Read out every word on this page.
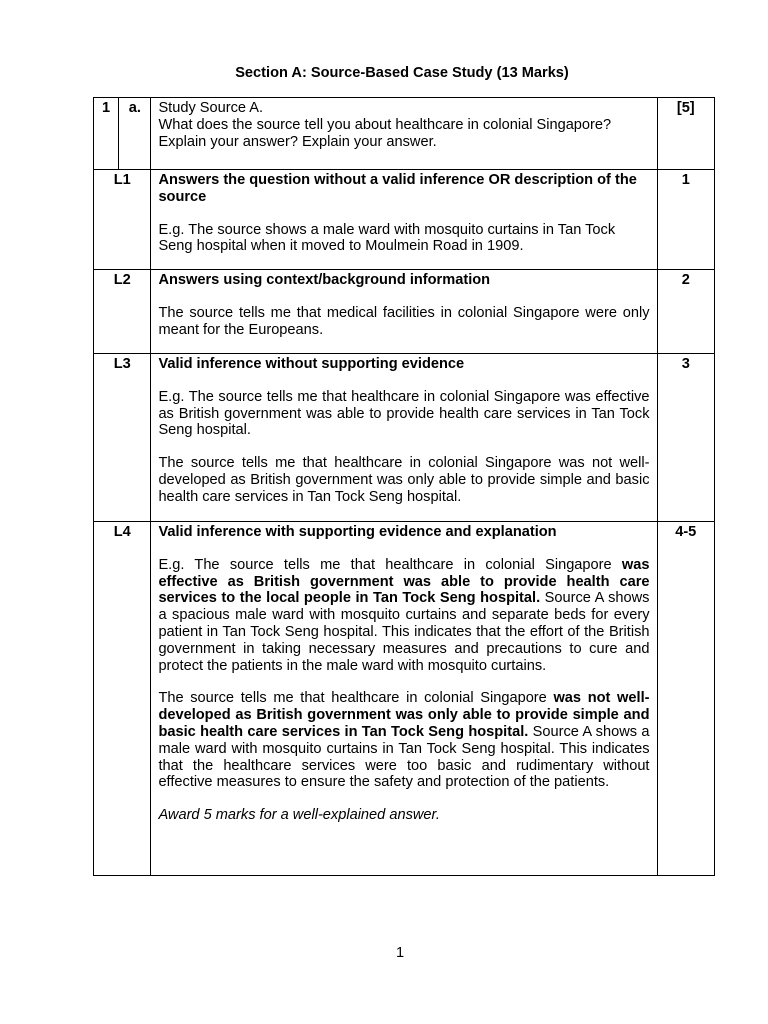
Section A: Source-Based Case Study (13 Marks)
1	a.	Study Source A.
What does the source tell you about healthcare in colonial Singapore? Explain your answer? Explain your answer.	[5]
L1		Answers the question without a valid inference OR description of the source
E.g. The source shows a male ward with mosquito curtains in Tan Tock Seng hospital when it moved to Moulmein Road in 1909.	1
L2		Answers using context/background information
The source tells me that medical facilities in colonial Singapore were only meant for the Europeans.	2
L3		Valid inference without supporting evidence
E.g. The source tells me that healthcare in colonial Singapore was effective as British government was able to provide health care services in Tan Tock Seng hospital.
The source tells me that healthcare in colonial Singapore was not well-developed as British government was only able to provide simple and basic health care services in Tan Tock Seng hospital.	3
L4		Valid inference with supporting evidence and explanation
E.g. The source tells me that healthcare in colonial Singapore was effective as British government was able to provide health care services to the local people in Tan Tock Seng hospital. Source A shows a spacious male ward with mosquito curtains and separate beds for every patient in Tan Tock Seng hospital. This indicates that the effort of the British government in taking necessary measures and precautions to cure and protect the patients in the male ward with mosquito curtains.
The source tells me that healthcare in colonial Singapore was not well-developed as British government was only able to provide simple and basic health care services in Tan Tock Seng hospital. Source A shows a male ward with mosquito curtains in Tan Tock Seng hospital. This indicates that the healthcare services were too basic and rudimentary without effective measures to ensure the safety and protection of the patients.
Award 5 marks for a well-explained answer.	4-5
1
